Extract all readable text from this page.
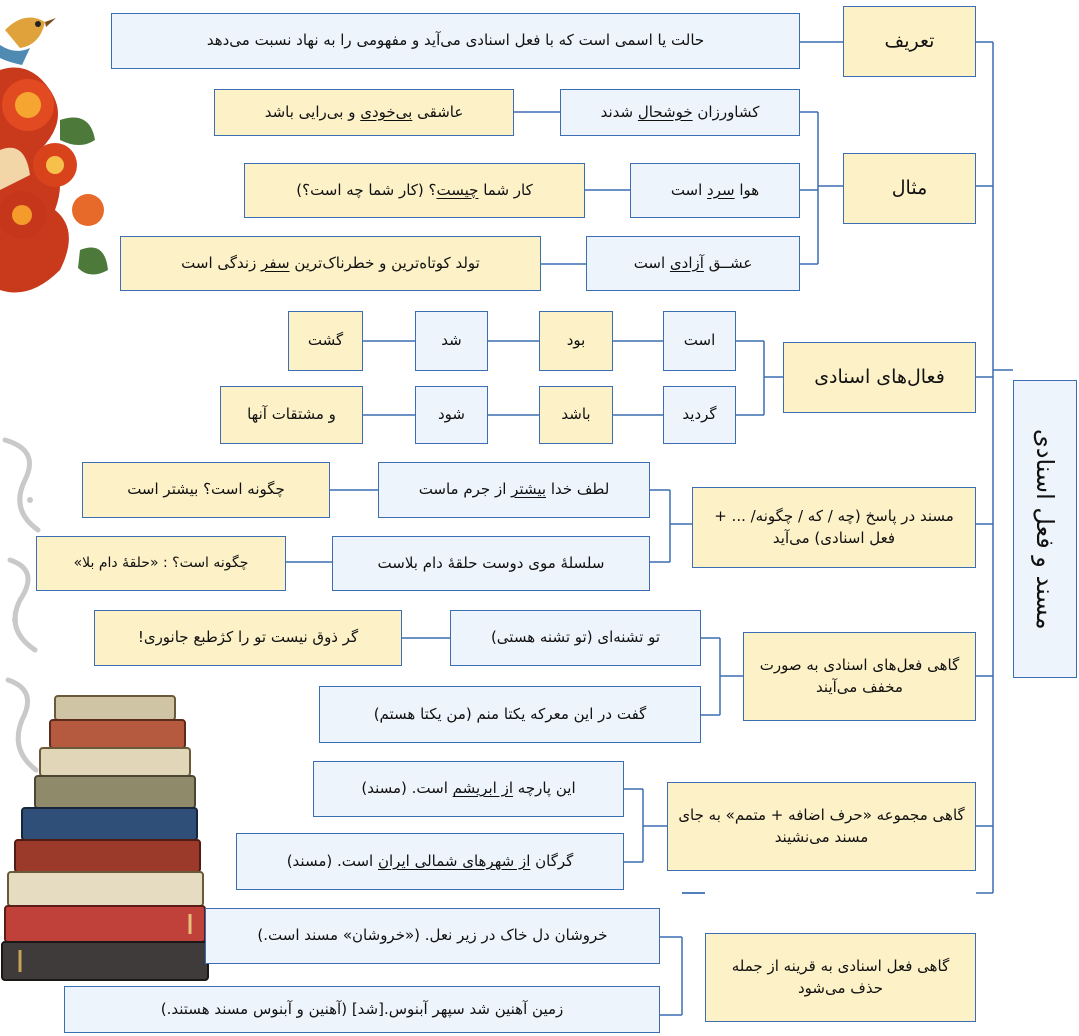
مسند و فعل اسنادی
تعریف
حالت یا اسمی است که با فعل اسنادی می‌آید و مفهومی را به نهاد نسبت می‌دهد
مثال
کشاورزان خوشحال شدند
عاشقی بی‌خودی و بی‌رایی باشد
هوا سرد است
کار شما چیست؟ (کار شما چه است؟)
عشــق آزادی است
تولد کوتاه‌ترین و خطرناک‌ترین سفر زندگی است
فعال‌های اسنادی
است
بود
شد
گشت
گردید
باشد
شود
و مشتقات آنها
مسند در پاسخ (چه / که / چگونه/ ... + فعل اسنادی) می‌آید
لطف خدا بیشتر از جرم ماست
چگونه است؟ بیشتر است
سلسلهٔ موی دوست حلقهٔ دام بلاست
چگونه است؟ : «حلقهٔ دام بلا»
گاهی فعل‌های اسنادی به صورت مخفف می‌آیند
تو تشنه‌ای (تو تشنه هستی)
گر ذوق نیست تو را کژطبع جانوری!
گفت در این معرکه یکتا منم (من یکتا هستم)
گاهی مجموعه «حرف اضافه + متمم» به جای مسند می‌نشیند
این پارچه از ابریشم است. (مسند)
گرگان از شهرهای شمالی ایران است. (مسند)
گاهی فعل اسنادی به قرینه از جمله حذف می‌شود
خروشان دل خاک در زیر نعل. («خروشان» مسند است.)
زمین آهنین شد سپهر آبنوس.[شد] (آهنین و آبنوس مسند هستند.)
